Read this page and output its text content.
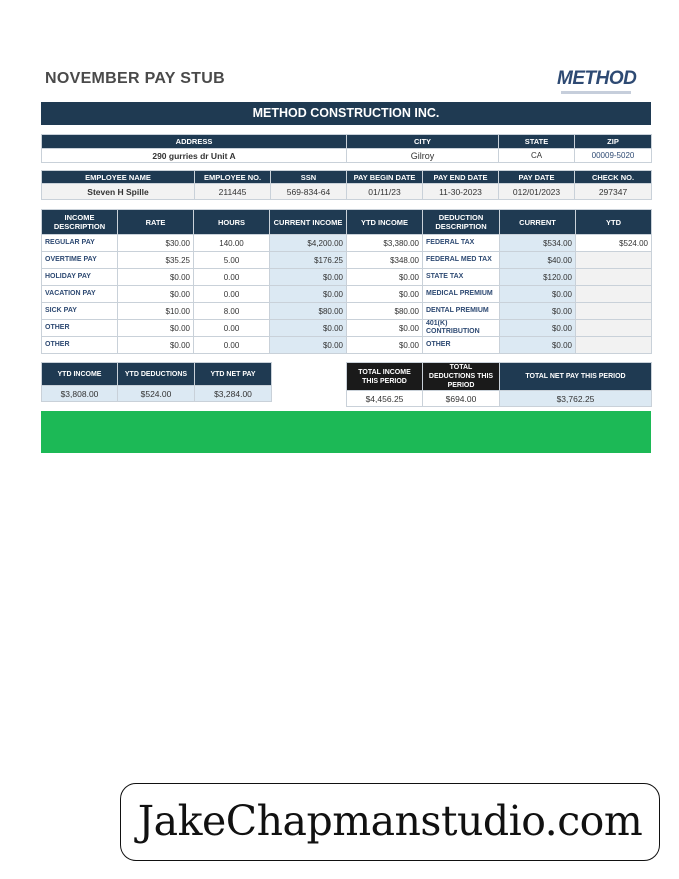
NOVEMBER PAY STUB	METHOD
METHOD CONSTRUCTION INC.
ADDRESS	CITY	STATE	ZIP
290 gurries dr Unit A	Gilroy	CA	00009-5020
EMPLOYEE NAME	EMPLOYEE NO.	SSN	PAY BEGIN DATE	PAY END DATE	PAY DATE	CHECK NO.
Steven H Spille	211445	569-834-64	01/11/23	11-30-2023	012/01/2023	297347
INCOME DESCRIPTION	RATE	HOURS	CURRENT INCOME	YTD INCOME	DEDUCTION DESCRIPTION	CURRENT	YTD
REGULAR PAY	$30.00	140.00	$4,200.00	$3,380.00	FEDERAL TAX	$534.00	$524.00
OVERTIME PAY	$35.25	5.00	$176.25	$348.00	FEDERAL MED TAX	$40.00	
HOLIDAY PAY	$0.00	0.00	$0.00	$0.00	STATE TAX	$120.00	
VACATION PAY	$0.00	0.00	$0.00	$0.00	MEDICAL PREMIUM	$0.00	
SICK PAY	$10.00	8.00	$80.00	$80.00	DENTAL PREMIUM	$0.00	
OTHER	$0.00	0.00	$0.00	$0.00	401(K) CONTRIBUTION	$0.00	
OTHER	$0.00	0.00	$0.00	$0.00	OTHER	$0.00	
YTD INCOME	YTD DEDUCTIONS	YTD NET PAY
$3,808.00	$524.00	$3,284.00
TOTAL INCOME THIS PERIOD	TOTAL DEDUCTIONS THIS PERIOD	TOTAL NET PAY THIS PERIOD
$4,456.25	$694.00	$3,762.25
JakeChapmanstudio.com
